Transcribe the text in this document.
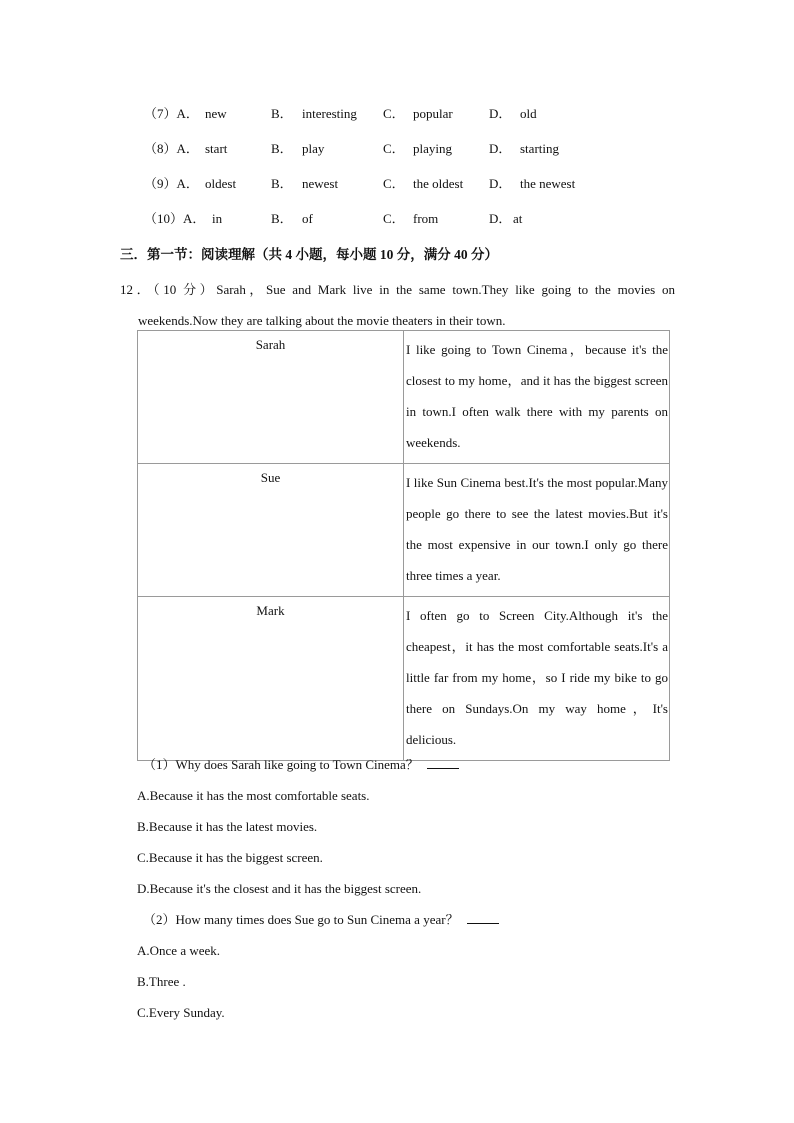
（7）A． new	B． interesting C． popular	D． old
（8）A． start	B． play	C． playing	D． starting
（9）A． oldest	B． newest	C． the oldest D． the newest
（10）A． in	B． of	C． from	D． at
三．第一节：阅读理解（共 4 小题，每小题 10 分，满分 40 分）
12．（10 分）Sarah，Sue and Mark live in the same town.They like going to the movies on
weekends.Now they are talking about the movie theaters in their town.
Sarah	I like going to Town Cinema，because it's the closest to my home，and it has the biggest screen in town.I often walk there with my parents on weekends.
Sue	I like Sun Cinema best.It's the most popular.Many people go there to see the latest movies.But it's the most expensive in our town.I only go there three times a year.
Mark	I often go to Screen City.Although it's the cheapest，it has the most comfortable seats.It's a little far from my home，so I ride my bike to go there on Sundays.On my way home，It's delicious.
（1）Why does Sarah like going to Town Cinema？
A.Because it has the most comfortable seats.
B.Because it has the latest movies.
C.Because it has the biggest screen.
D.Because it's the closest and it has the biggest screen.
（2）How many times does Sue go to Sun Cinema a year？
A.Once a week.
B.Three .
C.Every Sunday.
